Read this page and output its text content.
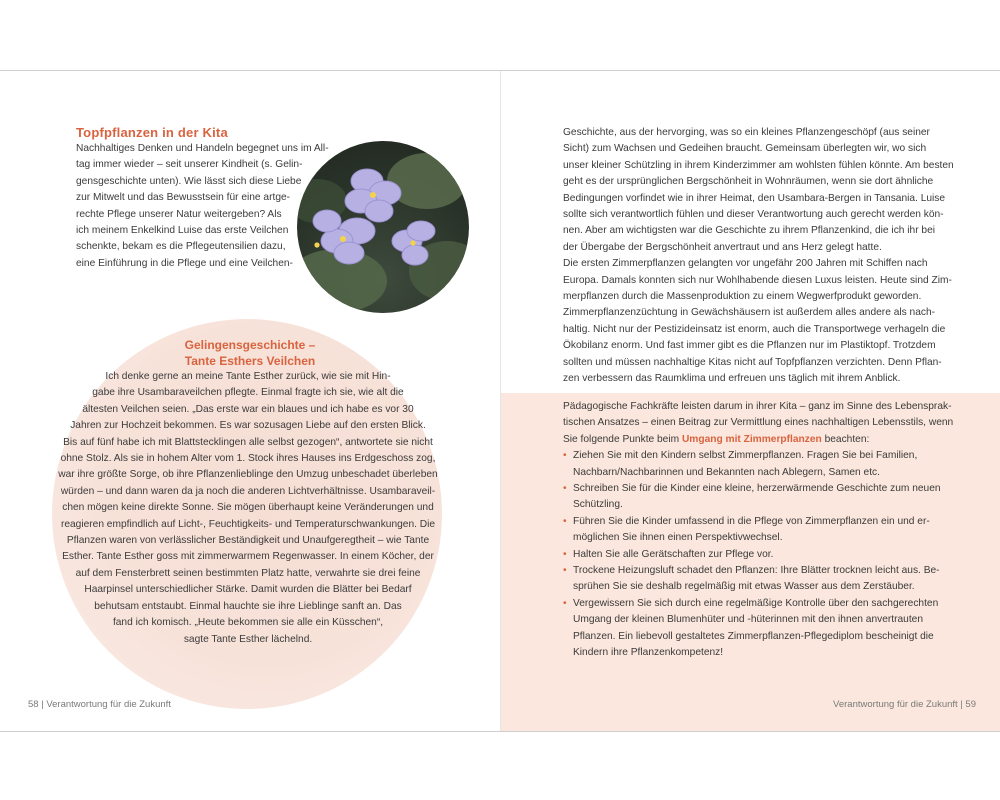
Topfpflanzen in der Kita
Nachhaltiges Denken und Handeln begegnet uns im All-
tag immer wieder – seit unserer Kindheit (s. Gelin-
gensgeschichte unten). Wie lässt sich diese Liebe
zur Mitwelt und das Bewusstsein für eine artge-
rechte Pflege unserer Natur weitergeben? Als
ich meinem Enkelkind Luise das erste Veilchen
schenkte, bekam es die Pflegeutensilien dazu,
eine Einführung in die Pflege und eine Veilchen-
Gelingensgeschichte –
Tante Esthers Veilchen
Ich denke gerne an meine Tante Esther zurück, wie sie mit Hin-
gabe ihre Usambaraveilchen pflegte. Einmal fragte ich sie, wie alt die
ältesten Veilchen seien. „Das erste war ein blaues und ich habe es vor 30
Jahren zur Hochzeit bekommen. Es war sozusagen Liebe auf den ersten Blick.
Bis auf fünf habe ich mit Blattstecklingen alle selbst gezogen“, antwortete sie nicht
ohne Stolz. Als sie in hohem Alter vom 1. Stock ihres Hauses ins Erdgeschoss zog,
war ihre größte Sorge, ob ihre Pflanzenlieblinge den Umzug unbeschadet überleben
würden – und dann waren da ja noch die anderen Lichtverhältnisse. Usambaraveil-
chen mögen keine direkte Sonne. Sie mögen überhaupt keine Veränderungen und
reagieren empfindlich auf Licht-, Feuchtigkeits- und Temperaturschwankungen. Die
Pflanzen waren von verlässlicher Beständigkeit und Unaufgeregtheit – wie Tante
Esther. Tante Esther goss mit zimmerwarmem Regenwasser. In einem Köcher, der
auf dem Fensterbrett seinen bestimmten Platz hatte, verwahrte sie drei feine
Haarpinsel unterschiedlicher Stärke. Damit wurden die Blätter bei Bedarf
behutsam entstaubt. Einmal hauchte sie ihre Lieblinge sanft an. Das
fand ich komisch. „Heute bekommen sie alle ein Küsschen“,
sagte Tante Esther lächelnd.
58 | Verantwortung für die Zukunft
Geschichte, aus der hervorging, was so ein kleines Pflanzengeschöpf (aus seiner
Sicht) zum Wachsen und Gedeihen braucht. Gemeinsam überlegten wir, wo sich
unser kleiner Schützling in ihrem Kinderzimmer am wohlsten fühlen könnte. Am besten
geht es der ursprünglichen Bergschönheit in Wohnräumen, wenn sie dort ähnliche
Bedingungen vorfindet wie in ihrer Heimat, den Usambara-Bergen in Tansania. Luise
sollte sich verantwortlich fühlen und dieser Verantwortung auch gerecht werden kön-
nen. Aber am wichtigsten war die Geschichte zu ihrem Pflanzenkind, die ich ihr bei
der Übergabe der Bergschönheit anvertraut und ans Herz gelegt hatte.
Die ersten Zimmerpflanzen gelangten vor ungefähr 200 Jahren mit Schiffen nach
Europa. Damals konnten sich nur Wohlhabende diesen Luxus leisten. Heute sind Zim-
merpflanzen durch die Massenproduktion zu einem Wegwerfprodukt geworden.
Zimmerpflanzenzüchtung in Gewächshäusern ist außerdem alles andere als nach-
haltig. Nicht nur der Pestizideinsatz ist enorm, auch die Transportwege verhageln die
Ökobilanz enorm. Und fast immer gibt es die Pflanzen nur im Plastiktopf. Trotzdem
sollten und müssen nachhaltige Kitas nicht auf Topfpflanzen verzichten. Denn Pflan-
zen verbessern das Raumklima und erfreuen uns täglich mit ihrem Anblick.
Pädagogische Fachkräfte leisten darum in ihrer Kita – ganz im Sinne des Lebensprak-
tischen Ansatzes – einen Beitrag zur Vermittlung eines nachhaltigen Lebensstils, wenn
Sie folgende Punkte beim Umgang mit Zimmerpflanzen beachten:
• Ziehen Sie mit den Kindern selbst Zimmerpflanzen. Fragen Sie bei Familien,
Nachbarn/Nachbarinnen und Bekannten nach Ablegern, Samen etc.
• Schreiben Sie für die Kinder eine kleine, herzerwärmende Geschichte zum neuen
Schützling.
• Führen Sie die Kinder umfassend in die Pflege von Zimmerpflanzen ein und er-
möglichen Sie ihnen einen Perspektivwechsel.
• Halten Sie alle Gerätschaften zur Pflege vor.
• Trockene Heizungsluft schadet den Pflanzen: Ihre Blätter trocknen leicht aus. Be-
sprühen Sie sie deshalb regelmäßig mit etwas Wasser aus dem Zerstäuber.
• Vergewissern Sie sich durch eine regelmäßige Kontrolle über den sachgerechten
Umgang der kleinen Blumenhüter und -hüterinnen mit den ihnen anvertrauten
Pflanzen. Ein liebevoll gestaltetes Zimmerpflanzen-Pflegediplom bescheinigt die
Kindern ihre Pflanzenkompetenz!
Verantwortung für die Zukunft | 59
